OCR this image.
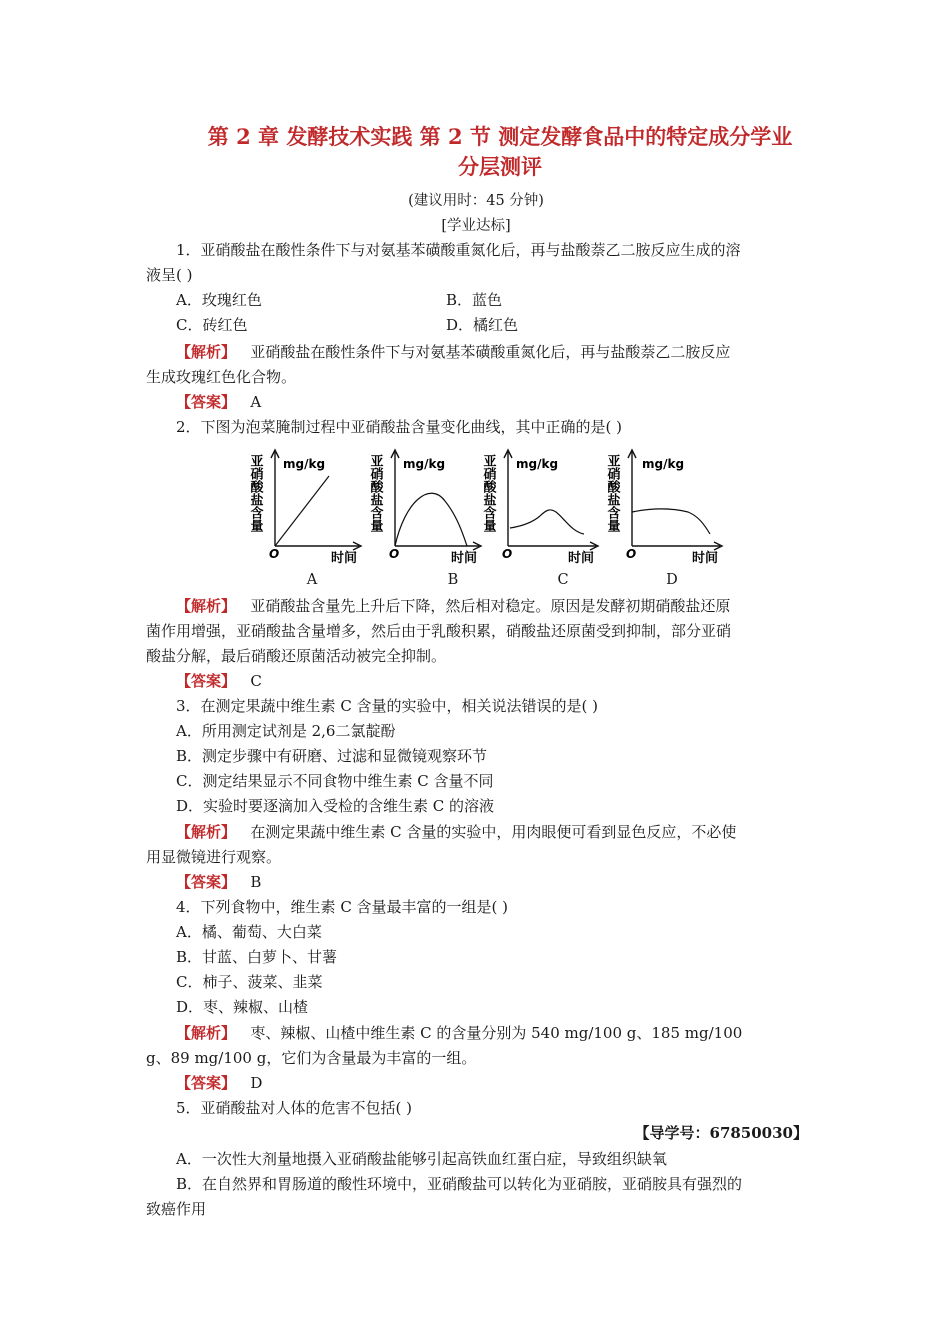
第 2 章 发酵技术实践 第 2 节 测定发酵食品中的特定成分学业
分层测评
(建议用时：45 分钟)
[学业达标]
1．亚硝酸盐在酸性条件下与对氨基苯磺酸重氮化后，再与盐酸萘乙二胺反应生成的溶
液呈( )
A．玫瑰红色	B．蓝色
C．砖红色	D．橘红色
【解析】 亚硝酸盐在酸性条件下与对氨基苯磺酸重氮化后，再与盐酸萘乙二胺反应
生成玫瑰红色化合物。
【答案】 A
2．下图为泡菜腌制过程中亚硝酸盐含量变化曲线，其中正确的是( )
亚硝酸盐含量 mg/kg
O	时间
A
亚硝酸盐含量 mg/kg
O	时间
B
亚硝酸盐含量 mg/kg
O	时间
C
亚硝酸盐含量 mg/kg
O	时间
D
【解析】 亚硝酸盐含量先上升后下降，然后相对稳定。原因是发酵初期硝酸盐还原
菌作用增强，亚硝酸盐含量增多，然后由于乳酸积累，硝酸盐还原菌受到抑制，部分亚硝
酸盐分解，最后硝酸还原菌活动被完全抑制。
【答案】 C
3．在测定果蔬中维生素 C 含量的实验中，相关说法错误的是( )
A．所用测定试剂是 2,6二氯靛酚
B．测定步骤中有研磨、过滤和显微镜观察环节
C．测定结果显示不同食物中维生素 C 含量不同
D．实验时要逐滴加入受检的含维生素 C 的溶液
【解析】 在测定果蔬中维生素 C 含量的实验中，用肉眼便可看到显色反应，不必使
用显微镜进行观察。
【答案】 B
4．下列食物中，维生素 C 含量最丰富的一组是( )
A．橘、葡萄、大白菜
B．甘蓝、白萝卜、甘薯
C．柿子、菠菜、韭菜
D．枣、辣椒、山楂
【解析】 枣、辣椒、山楂中维生素 C 的含量分别为 540 mg/100 g、185 mg/100
g、89 mg/100 g，它们为含量最为丰富的一组。
【答案】 D
5．亚硝酸盐对人体的危害不包括( )
【导学号：67850030】
A．一次性大剂量地摄入亚硝酸盐能够引起高铁血红蛋白症，导致组织缺氧
B．在自然界和胃肠道的酸性环境中，亚硝酸盐可以转化为亚硝胺，亚硝胺具有强烈的
致癌作用
